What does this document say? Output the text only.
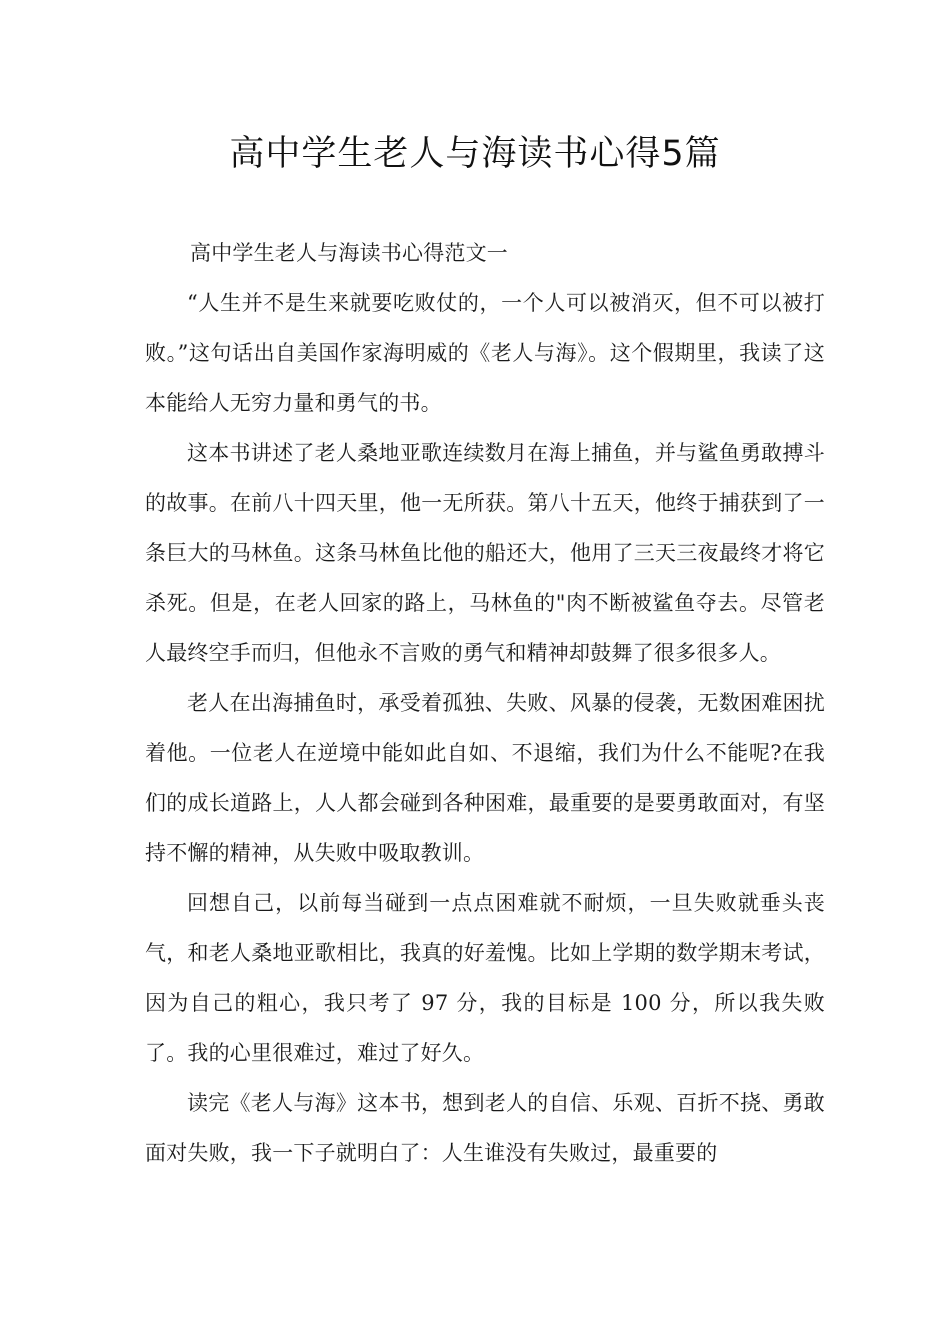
高中学生老人与海读书心得5篇

高中学生老人与海读书心得范文一

“人生并不是生来就要吃败仗的，一个人可以被消灭，但不可以被打败。”这句话出自美国作家海明威的《老人与海》。这个假期里，我读了这本能给人无穷力量和勇气的书。

这本书讲述了老人桑地亚歌连续数月在海上捕鱼，并与鲨鱼勇敢搏斗的故事。在前八十四天里，他一无所获。第八十五天，他终于捕获到了一条巨大的马林鱼。这条马林鱼比他的船还大，他用了三天三夜最终才将它杀死。但是，在老人回家的路上，马林鱼的"肉不断被鲨鱼夺去。尽管老人最终空手而归，但他永不言败的勇气和精神却鼓舞了很多很多人。

老人在出海捕鱼时，承受着孤独、失败、风暴的侵袭，无数困难困扰着他。一位老人在逆境中能如此自如、不退缩，我们为什么不能呢?在我们的成长道路上，人人都会碰到各种困难，最重要的是要勇敢面对，有坚持不懈的精神，从失败中吸取教训。

回想自己，以前每当碰到一点点困难就不耐烦，一旦失败就垂头丧气，和老人桑地亚歌相比，我真的好羞愧。比如上学期的数学期末考试，因为自己的粗心，我只考了 97 分，我的目标是 100 分，所以我失败了。我的心里很难过，难过了好久。

读完《老人与海》这本书，想到老人的自信、乐观、百折不挠、勇敢面对失败，我一下子就明白了：人生谁没有失败过，最重要的
